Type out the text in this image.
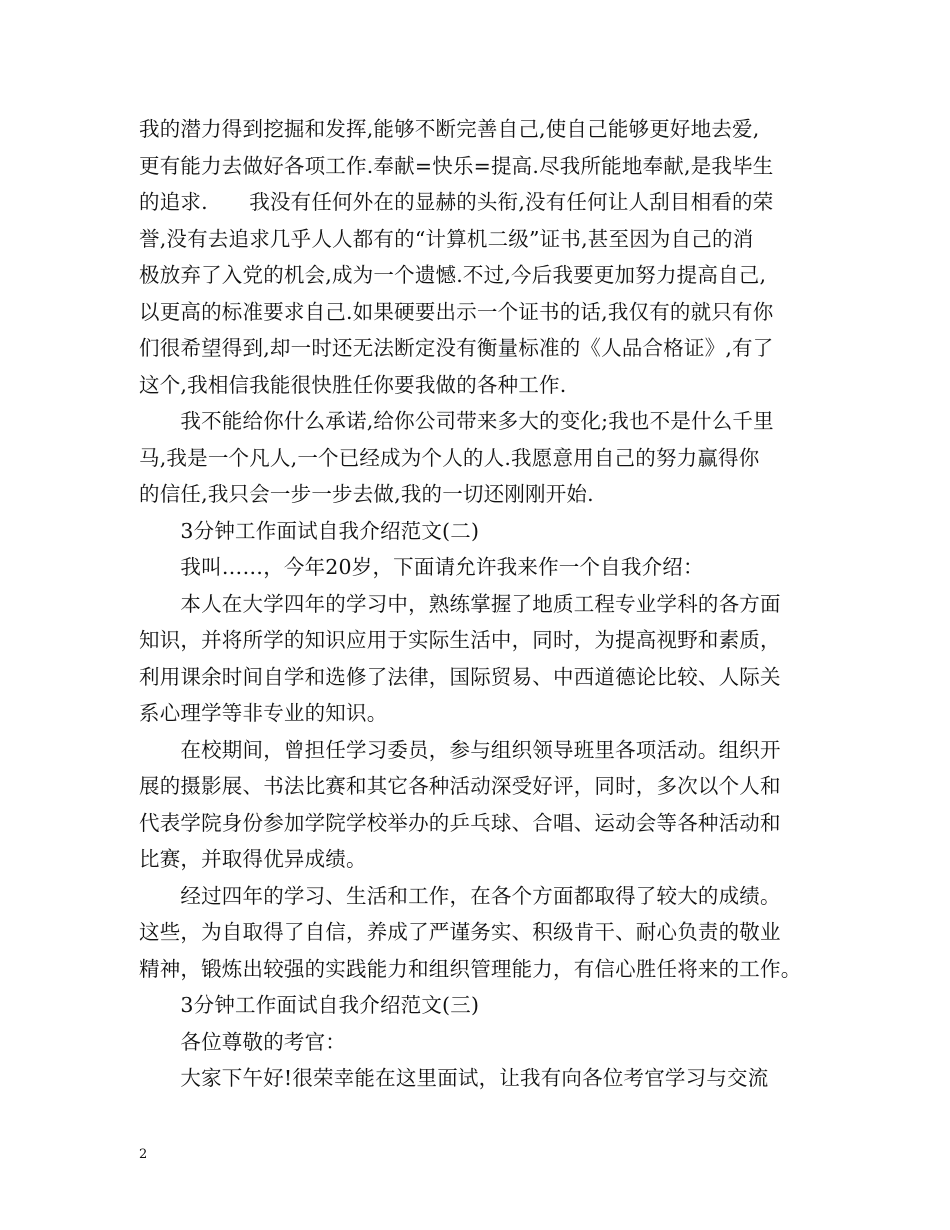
我的潜力得到挖掘和发挥,能够不断完善自己,使自己能够更好地去爱,
更有能力去做好各项工作.奉献=快乐=提高.尽我所能地奉献,是我毕生
的追求.　　我没有任何外在的显赫的头衔,没有任何让人刮目相看的荣
誉,没有去追求几乎人人都有的“计算机二级”证书,甚至因为自己的消
极放弃了入党的机会,成为一个遗憾.不过,今后我要更加努力提高自己,
以更高的标准要求自己.如果硬要出示一个证书的话,我仅有的就只有你
们很希望得到,却一时还无法断定没有衡量标准的《人品合格证》,有了
这个,我相信我能很快胜任你要我做的各种工作.
　　我不能给你什么承诺,给你公司带来多大的变化;我也不是什么千里
马,我是一个凡人,一个已经成为个人的人.我愿意用自己的努力赢得你
的信任,我只会一步一步去做,我的一切还刚刚开始.
　　3分钟工作面试自我介绍范文(二)
　　我叫……，今年20岁，下面请允许我来作一个自我介绍：
　　本人在大学四年的学习中，熟练掌握了地质工程专业学科的各方面
知识，并将所学的知识应用于实际生活中，同时，为提高视野和素质，
利用课余时间自学和选修了法律，国际贸易、中西道德论比较、人际关
系心理学等非专业的知识。
　　在校期间，曾担任学习委员，参与组织领导班里各项活动。组织开
展的摄影展、书法比赛和其它各种活动深受好评，同时，多次以个人和
代表学院身份参加学院学校举办的乒乓球、合唱、运动会等各种活动和
比赛，并取得优异成绩。
　　经过四年的学习、生活和工作，在各个方面都取得了较大的成绩。
这些，为自取得了自信，养成了严谨务实、积级肯干、耐心负责的敬业
精神，锻炼出较强的实践能力和组织管理能力，有信心胜任将来的工作。
　　3分钟工作面试自我介绍范文(三)
　　各位尊敬的考官：
　　大家下午好!很荣幸能在这里面试，让我有向各位考官学习与交流
2
